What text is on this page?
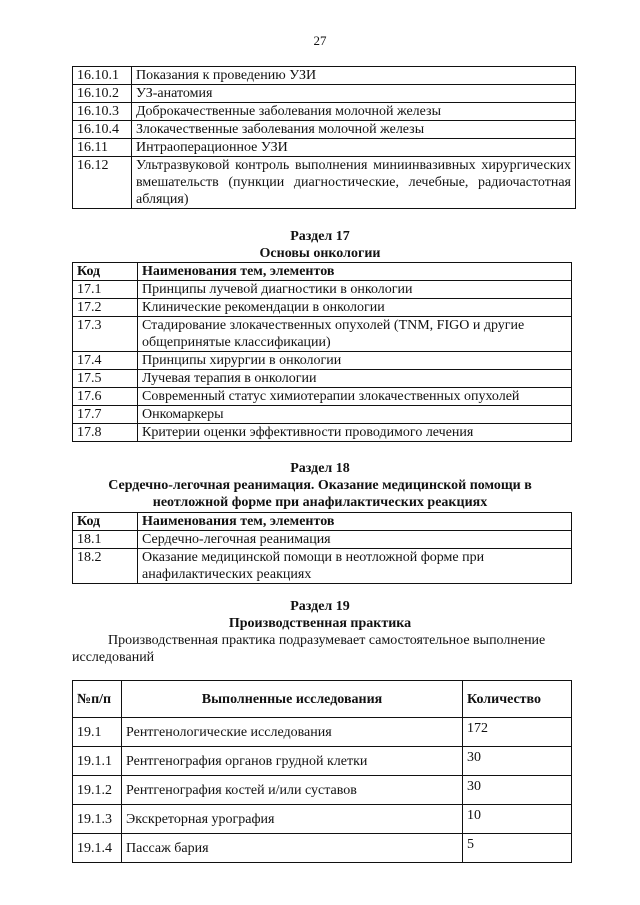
27
16.10.1	Показания к проведению УЗИ
16.10.2	УЗ-анатомия
16.10.3	Доброкачественные заболевания молочной железы
16.10.4	Злокачественные заболевания молочной железы
16.11	Интраоперационное УЗИ
16.12	Ультразвуковой контроль выполнения миниинвазивных хирургических вмешательств (пункции диагностические, лечебные, радиочастотная абляция)
Раздел 17
Основы онкологии
Код	Наименования тем, элементов
17.1	Принципы лучевой диагностики в онкологии
17.2	Клинические рекомендации в онкологии
17.3	Стадирование злокачественных опухолей (TNM, FIGO и другие общепринятые классификации)
17.4	Принципы хирургии в онкологии
17.5	Лучевая терапия в онкологии
17.6	Современный статус химиотерапии злокачественных опухолей
17.7	Онкомаркеры
17.8	Критерии оценки эффективности проводимого лечения
Раздел 18
Сердечно-легочная реанимация. Оказание медицинской помощи в
неотложной форме при анафилактических реакциях
Код	Наименования тем, элементов
18.1	Сердечно-легочная реанимация
18.2	Оказание медицинской помощи в неотложной форме при анафилактических реакциях
Раздел 19
Производственная практика
Производственная практика подразумевает самостоятельное выполнение исследований
№п/п	Выполненные исследования	Количество
19.1	Рентгенологические исследования	172
19.1.1	Рентгенография органов грудной клетки	30
19.1.2	Рентгенография костей и/или суставов	30
19.1.3	Экскреторная урография	10
19.1.4	Пассаж бария	5
